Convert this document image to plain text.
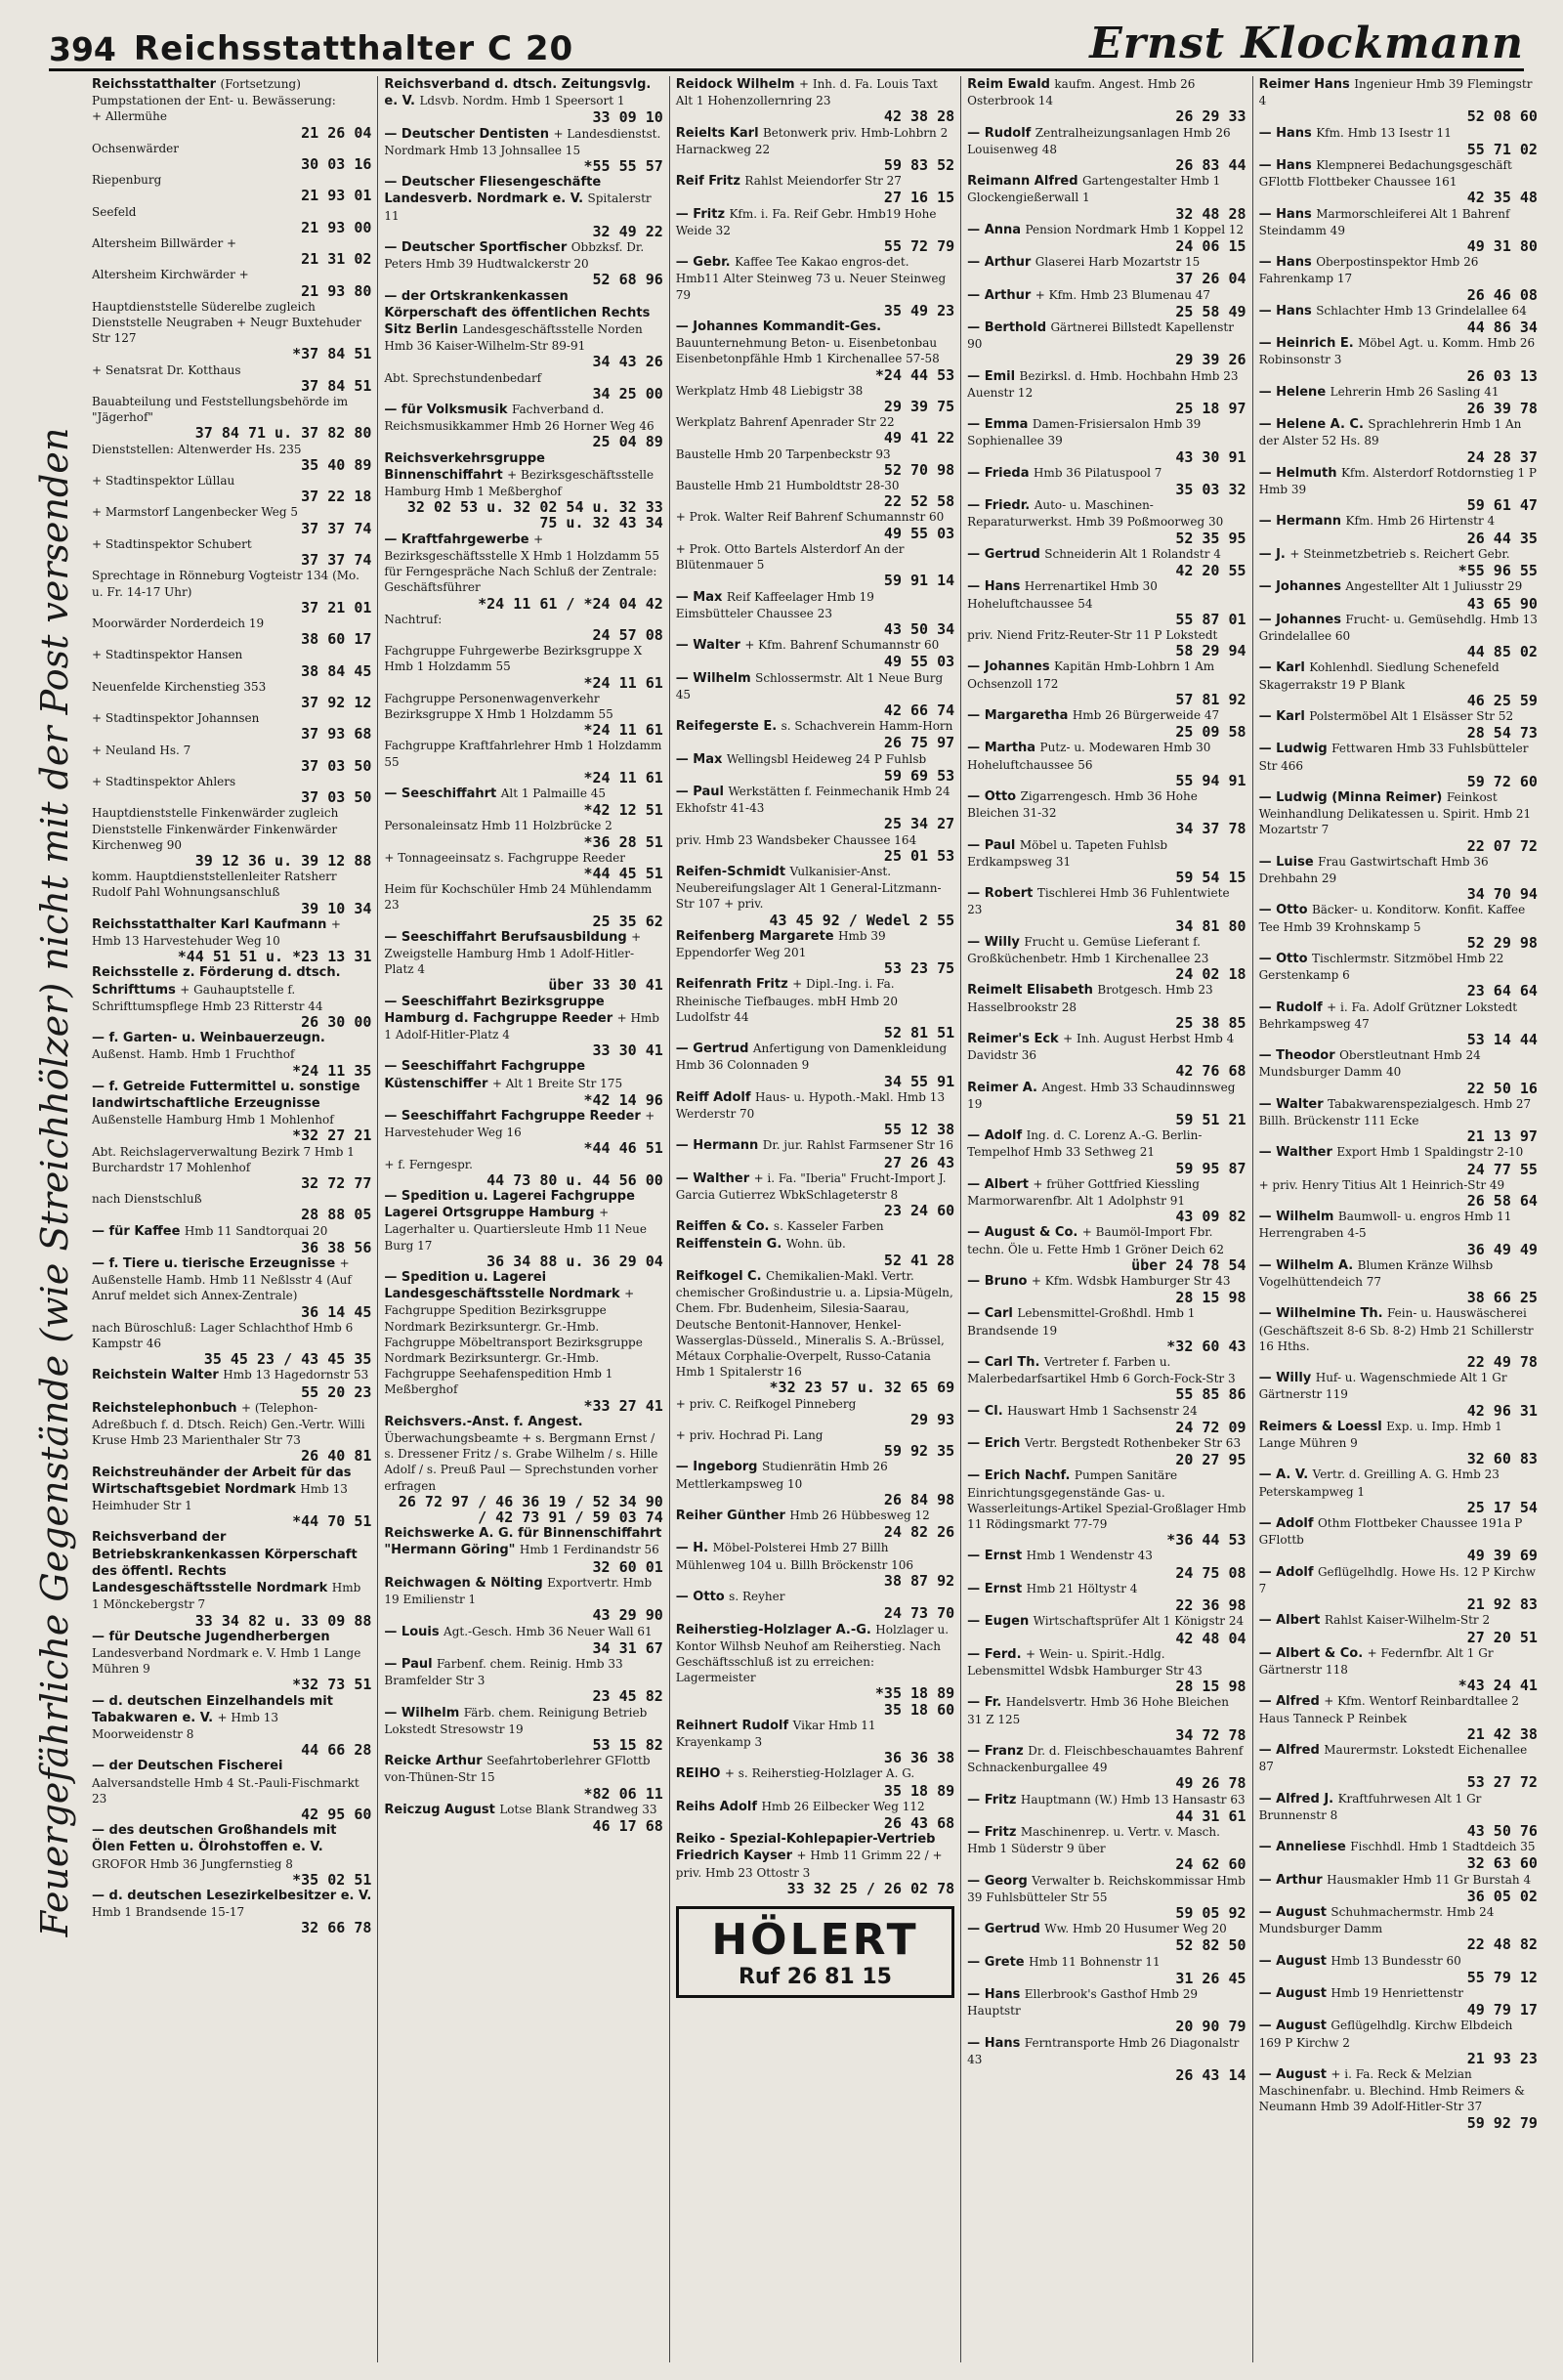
394 Reichsstatthalter C 20	Ernst Klockmann
Feuergefährliche Gegenstände (wie Streichhölzer) nicht mit der Post versenden
Reichsstatthalter (Fortsetzung) Pumpstationen der Ent- u. Bewässerung:
+ Allermühe
21 26 04
Ochsenwärder
30 03 16
Riepenburg
21 93 01
Seefeld
21 93 00
Altersheim Billwärder +
21 31 02
Altersheim Kirchwärder +
21 93 80
Hauptdienststelle Süderelbe zugleich Dienststelle Neugraben + Neugr Buxtehuder Str 127
*37 84 51
+ Senatsrat Dr. Kotthaus
37 84 51
Bauabteilung und Feststellungsbehörde im "Jägerhof"
37 84 71 u. 37 82 80
Dienststellen: Altenwerder Hs. 235
35 40 89
+ Stadtinspektor Lüllau
37 22 18
+ Marmstorf Langenbecker Weg 5
37 37 74
+ Stadtinspektor Schubert
37 37 74
Sprechtage in Rönneburg Vogteistr 134 (Mo. u. Fr. 14-17 Uhr)
37 21 01
Moorwärder Norderdeich 19
38 60 17
+ Stadtinspektor Hansen
38 84 45
Neuenfelde Kirchenstieg 353
37 92 12
+ Stadtinspektor Johannsen
37 93 68
+ Neuland Hs. 7
37 03 50
+ Stadtinspektor Ahlers
37 03 50
Hauptdienststelle Finkenwärder zugleich Dienststelle Finkenwärder Finkenwärder Kirchenweg 90
39 12 36 u. 39 12 88
komm. Hauptdienststellenleiter Ratsherr Rudolf Pahl Wohnungsanschluß
39 10 34
Reichsstatthalter Karl Kaufmann + Hmb 13 Harvestehuder Weg 10
*44 51 51 u. *23 13 31
Reichsstelle z. Förderung d. dtsch. Schrifttums + Gauhauptstelle f. Schrifttumspflege Hmb 23 Ritterstr 44
26 30 00
— f. Garten- u. Weinbauerzeugn. Außenst. Hamb. Hmb 1 Fruchthof
*24 11 35
— f. Getreide Futtermittel u. sonstige landwirtschaftliche Erzeugnisse Außenstelle Hamburg Hmb 1 Mohlenhof
*32 27 21
Abt. Reichslagerverwaltung Bezirk 7 Hmb 1 Burchardstr 17 Mohlenhof
32 72 77
nach Dienstschluß
28 88 05
— für Kaffee Hmb 11 Sandtorquai 20
36 38 56
— f. Tiere u. tierische Erzeugnisse + Außenstelle Hamb. Hmb 11 Neßlsstr 4 (Auf Anruf meldet sich Annex-Zentrale)
36 14 45
nach Büroschluß: Lager Schlachthof Hmb 6 Kampstr 46
35 45 23 / 43 45 35
Reichstein Walter Hmb 13 Hagedornstr 53
55 20 23
Reichstelephonbuch + (Telephon-Adreßbuch f. d. Dtsch. Reich) Gen.-Vertr. Willi Kruse Hmb 23 Marienthaler Str 73
26 40 81
Reichstreuhänder der Arbeit für das Wirtschaftsgebiet Nordmark Hmb 13 Heimhuder Str 1
*44 70 51
Reichsverband der Betriebskrankenkassen Körperschaft des öffentl. Rechts Landesgeschäftsstelle Nordmark Hmb 1 Mönckebergstr 7
33 34 82 u. 33 09 88
— für Deutsche Jugendherbergen Landesverband Nordmark e. V. Hmb 1 Lange Mühren 9
*32 73 51
— d. deutschen Einzelhandels mit Tabakwaren e. V. + Hmb 13 Moorweidenstr 8
44 66 28
— der Deutschen Fischerei Aalversandstelle Hmb 4 St.-Pauli-Fischmarkt 23
42 95 60
— des deutschen Großhandels mit Ölen Fetten u. Ölrohstoffen e. V. GROFOR Hmb 36 Jungfernstieg 8
*35 02 51
— d. deutschen Lesezirkelbesitzer e. V. Hmb 1 Brandsende 15-17
32 66 78
Reichsverband d. dtsch. Zeitungsvlg. e. V. Ldsvb. Nordm. Hmb 1 Speersort 1
33 09 10
— Deutscher Dentisten + Landesdienstst. Nordmark Hmb 13 Johnsallee 15
*55 55 57
— Deutscher Fliesengeschäfte Landesverb. Nordmark e. V. Spitalerstr 11
32 49 22
— Deutscher Sportfischer Obbzksf. Dr. Peters Hmb 39 Hudtwalckerstr 20
52 68 96
— der Ortskrankenkassen Körperschaft des öffentlichen Rechts Sitz Berlin Landesgeschäftsstelle Norden Hmb 36 Kaiser-Wilhelm-Str 89-91
34 43 26
Abt. Sprechstundenbedarf
34 25 00
— für Volksmusik Fachverband d. Reichsmusikkammer Hmb 26 Horner Weg 46
25 04 89
Reichsverkehrsgruppe Binnenschiffahrt + Bezirksgeschäftsstelle Hamburg Hmb 1 Meßberghof
32 02 53 u. 32 02 54 u. 32 33 75 u. 32 43 34
— Kraftfahrgewerbe + Bezirksgeschäftsstelle X Hmb 1 Holzdamm 55 für Ferngespräche Nach Schluß der Zentrale: Geschäftsführer
*24 11 61 / *24 04 42
Nachtruf:
24 57 08
Fachgruppe Fuhrgewerbe Bezirksgruppe X Hmb 1 Holzdamm 55
*24 11 61
Fachgruppe Personenwagenverkehr Bezirksgruppe X Hmb 1 Holzdamm 55
*24 11 61
Fachgruppe Kraftfahrlehrer Hmb 1 Holzdamm 55
*24 11 61
— Seeschiffahrt Alt 1 Palmaille 45
*42 12 51
Personaleinsatz Hmb 11 Holzbrücke 2
*36 28 51
+ Tonnageeinsatz s. Fachgruppe Reeder
*44 45 51
Heim für Kochschüler Hmb 24 Mühlendamm 23
25 35 62
— Seeschiffahrt Berufsausbildung + Zweigstelle Hamburg Hmb 1 Adolf-Hitler-Platz 4
über 33 30 41
— Seeschiffahrt Bezirksgruppe Hamburg d. Fachgruppe Reeder + Hmb 1 Adolf-Hitler-Platz 4
33 30 41
— Seeschiffahrt Fachgruppe Küstenschiffer + Alt 1 Breite Str 175
*42 14 96
— Seeschiffahrt Fachgruppe Reeder + Harvestehuder Weg 16
*44 46 51
+ f. Ferngespr.
44 73 80 u. 44 56 00
— Spedition u. Lagerei Fachgruppe Lagerei Ortsgruppe Hamburg + Lagerhalter u. Quartiersleute Hmb 11 Neue Burg 17
36 34 88 u. 36 29 04
— Spedition u. Lagerei Landesgeschäftsstelle Nordmark + Fachgruppe Spedition Bezirksgruppe Nordmark Bezirksuntergr. Gr.-Hmb. Fachgruppe Möbeltransport Bezirksgruppe Nordmark Bezirksuntergr. Gr.-Hmb. Fachgruppe Seehafenspedition Hmb 1 Meßberghof
*33 27 41
Reichsvers.-Anst. f. Angest. Überwachungsbeamte + s. Bergmann Ernst / s. Dressener Fritz / s. Grabe Wilhelm / s. Hille Adolf / s. Preuß Paul — Sprechstunden vorher erfragen
26 72 97 / 46 36 19 / 52 34 90 / 42 73 91 / 59 03 74
Reichswerke A. G. für Binnenschiffahrt "Hermann Göring" Hmb 1 Ferdinandstr 56
32 60 01
Reichwagen & Nölting Exportvertr. Hmb 19 Emilienstr 1
43 29 90
— Louis Agt.-Gesch. Hmb 36 Neuer Wall 61
34 31 67
— Paul Farbenf. chem. Reinig. Hmb 33 Bramfelder Str 3
23 45 82
— Wilhelm Färb. chem. Reinigung Betrieb Lokstedt Stresowstr 19
53 15 82
Reicke Arthur Seefahrtoberlehrer GFlottb von-Thünen-Str 15
*82 06 11
Reiczug August Lotse Blank Strandweg 33
46 17 68
Reidock Wilhelm + Inh. d. Fa. Louis Taxt Alt 1 Hohenzollernring 23
42 38 28
Reielts Karl Betonwerk priv. Hmb-Lohbrn 2 Harnackweg 22
59 83 52
Reif Fritz Rahlst Meiendorfer Str 27
27 16 15
— Fritz Kfm. i. Fa. Reif Gebr. Hmb19 Hohe Weide 32
55 72 79
— Gebr. Kaffee Tee Kakao engros-det. Hmb11 Alter Steinweg 73 u. Neuer Steinweg 79
35 49 23
— Johannes Kommandit-Ges. Bauunternehmung Beton- u. Eisenbetonbau Eisenbetonpfähle Hmb 1 Kirchenallee 57-58
*24 44 53
Werkplatz Hmb 48 Liebigstr 38
29 39 75
Werkplatz Bahrenf Apenrader Str 22
49 41 22
Baustelle Hmb 20 Tarpenbeckstr 93
52 70 98
Baustelle Hmb 21 Humboldtstr 28-30
22 52 58
+ Prok. Walter Reif Bahrenf Schumannstr 60
49 55 03
+ Prok. Otto Bartels Alsterdorf An der Blütenmauer 5
59 91 14
— Max Reif Kaffeelager Hmb 19 Eimsbütteler Chaussee 23
43 50 34
— Walter + Kfm. Bahrenf Schumannstr 60
49 55 03
— Wilhelm Schlossermstr. Alt 1 Neue Burg 45
42 66 74
Reifegerste E. s. Schachverein Hamm-Horn
26 75 97
— Max Wellingsbl Heideweg 24 P Fuhlsb
59 69 53
— Paul Werkstätten f. Feinmechanik Hmb 24 Ekhofstr 41-43
25 34 27
priv. Hmb 23 Wandsbeker Chaussee 164
25 01 53
Reifen-Schmidt Vulkanisier-Anst. Neubereifungslager Alt 1 General-Litzmann-Str 107 + priv.
43 45 92 / Wedel 2 55
Reifenberg Margarete Hmb 39 Eppendorfer Weg 201
53 23 75
Reifenrath Fritz + Dipl.-Ing. i. Fa. Rheinische Tiefbauges. mbH Hmb 20 Ludolfstr 44
52 81 51
— Gertrud Anfertigung von Damenkleidung Hmb 36 Colonnaden 9
34 55 91
Reiff Adolf Haus- u. Hypoth.-Makl. Hmb 13 Werderstr 70
55 12 38
— Hermann Dr. jur. Rahlst Farmsener Str 16
27 26 43
— Walther + i. Fa. "Iberia" Frucht-Import J. Garcia Gutierrez WbkSchlageterstr 8
23 24 60
Reiffen & Co. s. Kasseler Farben
Reiffenstein G. Wohn. üb.
52 41 28
Reifkogel C. Chemikalien-Makl. Vertr. chemischer Großindustrie u. a. Lipsia-Mügeln, Chem. Fbr. Budenheim, Silesia-Saarau, Deutsche Bentonit-Hannover, Henkel-Wasserglas-Düsseld., Mineralis S. A.-Brüssel, Métaux Corphalie-Overpelt, Russo-Catania Hmb 1 Spitalerstr 16
*32 23 57 u. 32 65 69
+ priv. C. Reifkogel Pinneberg
29 93
+ priv. Hochrad Pi. Lang
59 92 35
— Ingeborg Studienrätin Hmb 26 Mettlerkampsweg 10
26 84 98
Reiher Günther Hmb 26 Hübbesweg 12
24 82 26
— H. Möbel-Polsterei Hmb 27 Billh Mühlenweg 104 u. Billh Bröckenstr 106
38 87 92
— Otto s. Reyher
24 73 70
Reiherstieg-Holzlager A.-G. Holzlager u. Kontor Wilhsb Neuhof am Reiherstieg. Nach Geschäftsschluß ist zu erreichen: Lagermeister
*35 18 89
35 18 60
Reihnert Rudolf Vikar Hmb 11 Krayenkamp 3
36 36 38
REIHO + s. Reiherstieg-Holzlager A. G.
35 18 89
Reihs Adolf Hmb 26 Eilbecker Weg 112
26 43 68
Reiko - Spezial-Kohlepapier-Vertrieb Friedrich Kayser + Hmb 11 Grimm 22 / + priv. Hmb 23 Ottostr 3
33 32 25 / 26 02 78
HÖLERT
Ruf 26 81 15
Reim Ewald kaufm. Angest. Hmb 26 Osterbrook 14
26 29 33
— Rudolf Zentralheizungsanlagen Hmb 26 Louisenweg 48
26 83 44
Reimann Alfred Gartengestalter Hmb 1 Glockengießerwall 1
32 48 28
— Anna Pension Nordmark Hmb 1 Koppel 12
24 06 15
— Arthur Glaserei Harb Mozartstr 15
37 26 04
— Arthur + Kfm. Hmb 23 Blumenau 47
25 58 49
— Berthold Gärtnerei Billstedt Kapellenstr 90
29 39 26
— Emil Bezirksl. d. Hmb. Hochbahn Hmb 23 Auenstr 12
25 18 97
— Emma Damen-Frisiersalon Hmb 39 Sophienallee 39
43 30 91
— Frieda Hmb 36 Pilatuspool 7
35 03 32
— Friedr. Auto- u. Maschinen-Reparaturwerkst. Hmb 39 Poßmoorweg 30
52 35 95
— Gertrud Schneiderin Alt 1 Rolandstr 4
42 20 55
— Hans Herrenartikel Hmb 30 Hoheluftchaussee 54
55 87 01
priv. Niend Fritz-Reuter-Str 11 P Lokstedt
58 29 94
— Johannes Kapitän Hmb-Lohbrn 1 Am Ochsenzoll 172
57 81 92
— Margaretha Hmb 26 Bürgerweide 47
25 09 58
— Martha Putz- u. Modewaren Hmb 30 Hoheluftchaussee 56
55 94 91
— Otto Zigarrengesch. Hmb 36 Hohe Bleichen 31-32
34 37 78
— Paul Möbel u. Tapeten Fuhlsb Erdkampsweg 31
59 54 15
— Robert Tischlerei Hmb 36 Fuhlentwiete 23
34 81 80
— Willy Frucht u. Gemüse Lieferant f. Großküchenbetr. Hmb 1 Kirchenallee 23
24 02 18
Reimelt Elisabeth Brotgesch. Hmb 23 Hasselbrookstr 28
25 38 85
Reimer's Eck + Inh. August Herbst Hmb 4 Davidstr 36
42 76 68
Reimer A. Angest. Hmb 33 Schaudinnsweg 19
59 51 21
— Adolf Ing. d. C. Lorenz A.-G. Berlin-Tempelhof Hmb 33 Sethweg 21
59 95 87
— Albert + früher Gottfried Kiessling Marmorwarenfbr. Alt 1 Adolphstr 91
43 09 82
— August & Co. + Baumöl-Import Fbr. techn. Öle u. Fette Hmb 1 Gröner Deich 62
über 24 78 54
— Bruno + Kfm. Wdsbk Hamburger Str 43
28 15 98
— Carl Lebensmittel-Großhdl. Hmb 1 Brandsende 19
*32 60 43
— Carl Th. Vertreter f. Farben u. Malerbedarfsartikel Hmb 6 Gorch-Fock-Str 3
55 85 86
— Cl. Hauswart Hmb 1 Sachsenstr 24
24 72 09
— Erich Vertr. Bergstedt Rothenbeker Str 63
20 27 95
— Erich Nachf. Pumpen Sanitäre Einrichtungsgegenstände Gas- u. Wasserleitungs-Artikel Spezial-Großlager Hmb 11 Rödingsmarkt 77-79
*36 44 53
— Ernst Hmb 1 Wendenstr 43
24 75 08
— Ernst Hmb 21 Höltystr 4
22 36 98
— Eugen Wirtschaftsprüfer Alt 1 Königstr 24
42 48 04
— Ferd. + Wein- u. Spirit.-Hdlg. Lebensmittel Wdsbk Hamburger Str 43
28 15 98
— Fr. Handelsvertr. Hmb 36 Hohe Bleichen 31 Z 125
34 72 78
— Franz Dr. d. Fleischbeschauamtes Bahrenf Schnackenburgallee 49
49 26 78
— Fritz Hauptmann (W.) Hmb 13 Hansastr 63
44 31 61
— Fritz Maschinenrep. u. Vertr. v. Masch. Hmb 1 Süderstr 9 über
24 62 60
— Georg Verwalter b. Reichskommissar Hmb 39 Fuhlsbütteler Str 55
59 05 92
— Gertrud Ww. Hmb 20 Husumer Weg 20
52 82 50
— Grete Hmb 11 Bohnenstr 11
31 26 45
— Hans Ellerbrook's Gasthof Hmb 29 Hauptstr
20 90 79
— Hans Ferntransporte Hmb 26 Diagonalstr 43
26 43 14
Reimer Hans Ingenieur Hmb 39 Flemingstr 4
52 08 60
— Hans Kfm. Hmb 13 Isestr 11
55 71 02
— Hans Klempnerei Bedachungsgeschäft GFlottb Flottbeker Chaussee 161
42 35 48
— Hans Marmorschleiferei Alt 1 Bahrenf Steindamm 49
49 31 80
— Hans Oberpostinspektor Hmb 26 Fahrenkamp 17
26 46 08
— Hans Schlachter Hmb 13 Grindelallee 64
44 86 34
— Heinrich E. Möbel Agt. u. Komm. Hmb 26 Robinsonstr 3
26 03 13
— Helene Lehrerin Hmb 26 Sasling 41
26 39 78
— Helene A. C. Sprachlehrerin Hmb 1 An der Alster 52 Hs. 89
24 28 37
— Helmuth Kfm. Alsterdorf Rotdornstieg 1 P Hmb 39
59 61 47
— Hermann Kfm. Hmb 26 Hirtenstr 4
26 44 35
— J. + Steinmetzbetrieb s. Reichert Gebr.
*55 96 55
— Johannes Angestellter Alt 1 Juliusstr 29
43 65 90
— Johannes Frucht- u. Gemüsehdlg. Hmb 13 Grindelallee 60
44 85 02
— Karl Kohlenhdl. Siedlung Schenefeld Skagerrakstr 19 P Blank
46 25 59
— Karl Polstermöbel Alt 1 Elsässer Str 52
28 54 73
— Ludwig Fettwaren Hmb 33 Fuhlsbütteler Str 466
59 72 60
— Ludwig (Minna Reimer) Feinkost Weinhandlung Delikatessen u. Spirit. Hmb 21 Mozartstr 7
22 07 72
— Luise Frau Gastwirtschaft Hmb 36 Drehbahn 29
34 70 94
— Otto Bäcker- u. Konditorw. Konfit. Kaffee Tee Hmb 39 Krohnskamp 5
52 29 98
— Otto Tischlermstr. Sitzmöbel Hmb 22 Gerstenkamp 6
23 64 64
— Rudolf + i. Fa. Adolf Grützner Lokstedt Behrkampsweg 47
53 14 44
— Theodor Oberstleutnant Hmb 24 Mundsburger Damm 40
22 50 16
— Walter Tabakwarenspezialgesch. Hmb 27 Billh. Brückenstr 111 Ecke
21 13 97
— Walther Export Hmb 1 Spaldingstr 2-10
24 77 55
+ priv. Henry Titius Alt 1 Heinrich-Str 49
26 58 64
— Wilhelm Baumwoll- u. engros Hmb 11 Herrengraben 4-5
36 49 49
— Wilhelm A. Blumen Kränze Wilhsb Vogelhüttendeich 77
38 66 25
— Wilhelmine Th. Fein- u. Hauswäscherei (Geschäftszeit 8-6 Sb. 8-2) Hmb 21 Schillerstr 16 Hths.
22 49 78
— Willy Huf- u. Wagenschmiede Alt 1 Gr Gärtnerstr 119
42 96 31
Reimers & Loessl Exp. u. Imp. Hmb 1 Lange Mühren 9
32 60 83
— A. V. Vertr. d. Greilling A. G. Hmb 23 Peterskampweg 1
25 17 54
— Adolf Othm Flottbeker Chaussee 191a P GFlottb
49 39 69
— Adolf Geflügelhdlg. Howe Hs. 12 P Kirchw 7
21 92 83
— Albert Rahlst Kaiser-Wilhelm-Str 2
27 20 51
— Albert & Co. + Federnfbr. Alt 1 Gr Gärtnerstr 118
*43 24 41
— Alfred + Kfm. Wentorf Reinbardtallee 2 Haus Tanneck P Reinbek
21 42 38
— Alfred Maurermstr. Lokstedt Eichenallee 87
53 27 72
— Alfred J. Kraftfuhrwesen Alt 1 Gr Brunnenstr 8
43 50 76
— Anneliese Fischhdl. Hmb 1 Stadtdeich 35
32 63 60
— Arthur Hausmakler Hmb 11 Gr Burstah 4
36 05 02
— August Schuhmachermstr. Hmb 24 Mundsburger Damm
22 48 82
— August Hmb 13 Bundesstr 60
55 79 12
— August Hmb 19 Henriettenstr
49 79 17
— August Geflügelhdlg. Kirchw Elbdeich 169 P Kirchw 2
21 93 23
— August + i. Fa. Reck & Melzian Maschinenfabr. u. Blechind. Hmb Reimers & Neumann Hmb 39 Adolf-Hitler-Str 37
59 92 79
